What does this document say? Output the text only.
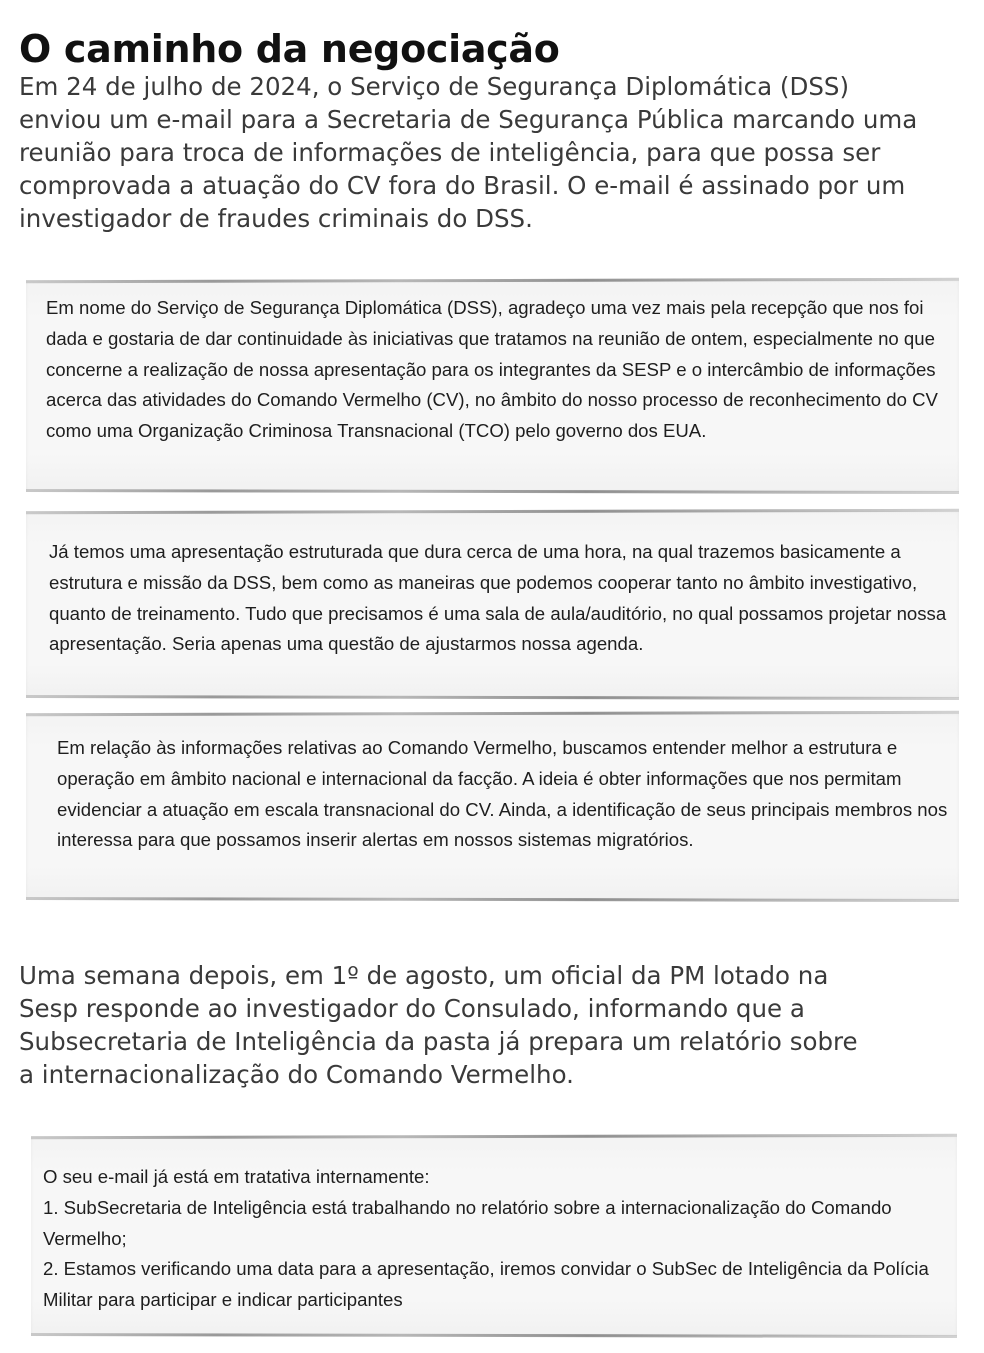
O caminho da negociação

Em 24 de julho de 2024, o Serviço de Segurança Diplomática (DSS) enviou um e-mail para a Secretaria de Segurança Pública marcando uma reunião para troca de informações de inteligência, para que possa ser comprovada a atuação do CV fora do Brasil. O e-mail é assinado por um investigador de fraudes criminais do DSS.

Em nome do Serviço de Segurança Diplomática (DSS), agradeço uma vez mais pela recepção que nos foi dada e gostaria de dar continuidade às iniciativas que tratamos na reunião de ontem, especialmente no que concerne a realização de nossa apresentação para os integrantes da SESP e o intercâmbio de informações acerca das atividades do Comando Vermelho (CV), no âmbito do nosso processo de reconhecimento do CV como uma Organização Criminosa Transnacional (TCO) pelo governo dos EUA.

Já temos uma apresentação estruturada que dura cerca de uma hora, na qual trazemos basicamente a estrutura e missão da DSS, bem como as maneiras que podemos cooperar tanto no âmbito investigativo, quanto de treinamento. Tudo que precisamos é uma sala de aula/auditório, no qual possamos projetar nossa apresentação. Seria apenas uma questão de ajustarmos nossa agenda.

Em relação às informações relativas ao Comando Vermelho, buscamos entender melhor a estrutura e operação em âmbito nacional e internacional da facção. A ideia é obter informações que nos permitam evidenciar a atuação em escala transnacional do CV. Ainda, a identificação de seus principais membros nos interessa para que possamos inserir alertas em nossos sistemas migratórios.

Uma semana depois, em 1º de agosto, um oficial da PM lotado na Sesp responde ao investigador do Consulado, informando que a Subsecretaria de Inteligência da pasta já prepara um relatório sobre a internacionalização do Comando Vermelho.

O seu e-mail já está em tratativa internamente:
1. SubSecretaria de Inteligência está trabalhando no relatório sobre a internacionalização do Comando Vermelho;
2. Estamos verificando uma data para a apresentação, iremos convidar o SubSec de Inteligência da Polícia Militar para participar e indicar participantes
